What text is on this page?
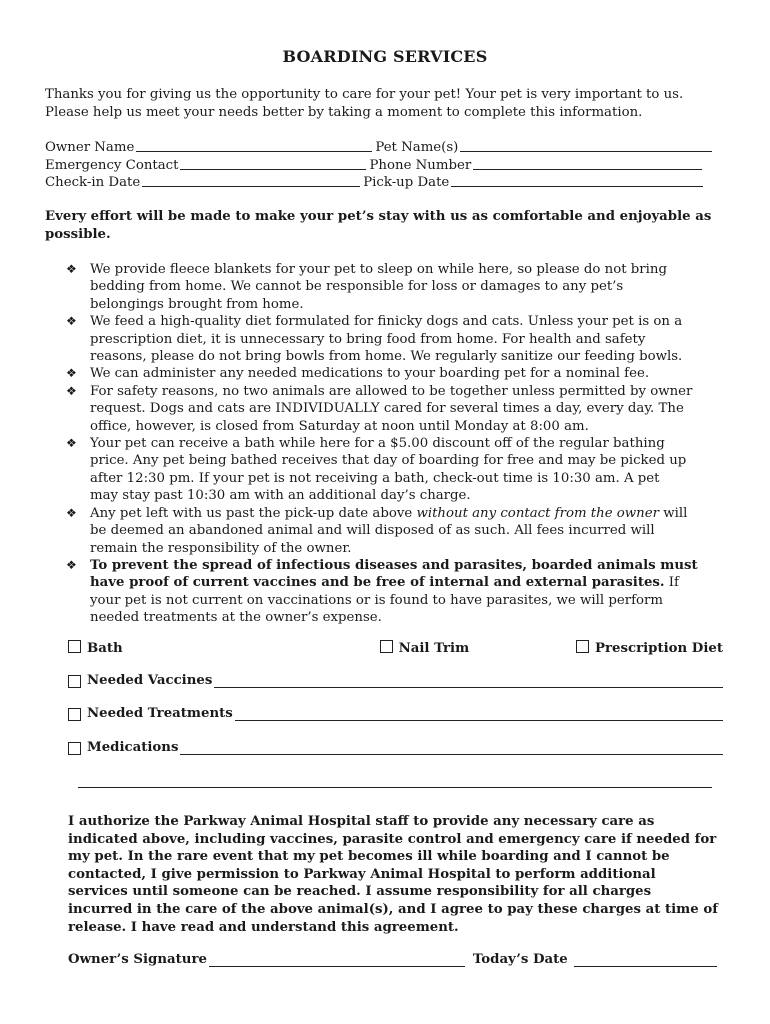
BOARDING SERVICES
Thanks you for giving us the opportunity to care for your pet! Your pet is very important to us.
Please help us meet your needs better by taking a moment to complete this information.
Owner Name	Pet Name(s)
Emergency Contact	Phone Number
Check-in Date	Pick-up Date
Every effort will be made to make your pet’s stay with us as comfortable and enjoyable as possible.
❖ We provide fleece blankets for your pet to sleep on while here, so please do not bring
bedding from home. We cannot be responsible for loss or damages to any pet’s
belongings brought from home.
❖ We feed a high-quality diet formulated for finicky dogs and cats. Unless your pet is on a
prescription diet, it is unnecessary to bring food from home. For health and safety
reasons, please do not bring bowls from home. We regularly sanitize our feeding bowls.
❖ We can administer any needed medications to your boarding pet for a nominal fee.
❖ For safety reasons, no two animals are allowed to be together unless permitted by owner
request. Dogs and cats are INDIVIDUALLY cared for several times a day, every day. The
office, however, is closed from Saturday at noon until Monday at 8:00 am.
❖ Your pet can receive a bath while here for a $5.00 discount off of the regular bathing
price. Any pet being bathed receives that day of boarding for free and may be picked up
after 12:30 pm. If your pet is not receiving a bath, check-out time is 10:30 am. A pet
may stay past 10:30 am with an additional day’s charge.
❖ Any pet left with us past the pick-up date above without any contact from the owner will
be deemed an abandoned animal and will disposed of as such. All fees incurred will
remain the responsibility of the owner.
❖ To prevent the spread of infectious diseases and parasites, boarded animals must
have proof of current vaccines and be free of internal and external parasites. If
your pet is not current on vaccinations or is found to have parasites, we will perform
needed treatments at the owner’s expense.
Bath	Nail Trim	Prescription Diet
Needed Vaccines
Needed Treatments
Medications
I authorize the Parkway Animal Hospital staff to provide any necessary care as
indicated above, including vaccines, parasite control and emergency care if needed for
my pet. In the rare event that my pet becomes ill while boarding and I cannot be
contacted, I give permission to Parkway Animal Hospital to perform additional
services until someone can be reached. I assume responsibility for all charges
incurred in the care of the above animal(s), and I agree to pay these charges at time of
release. I have read and understand this agreement.
Owner’s Signature	Today’s Date
